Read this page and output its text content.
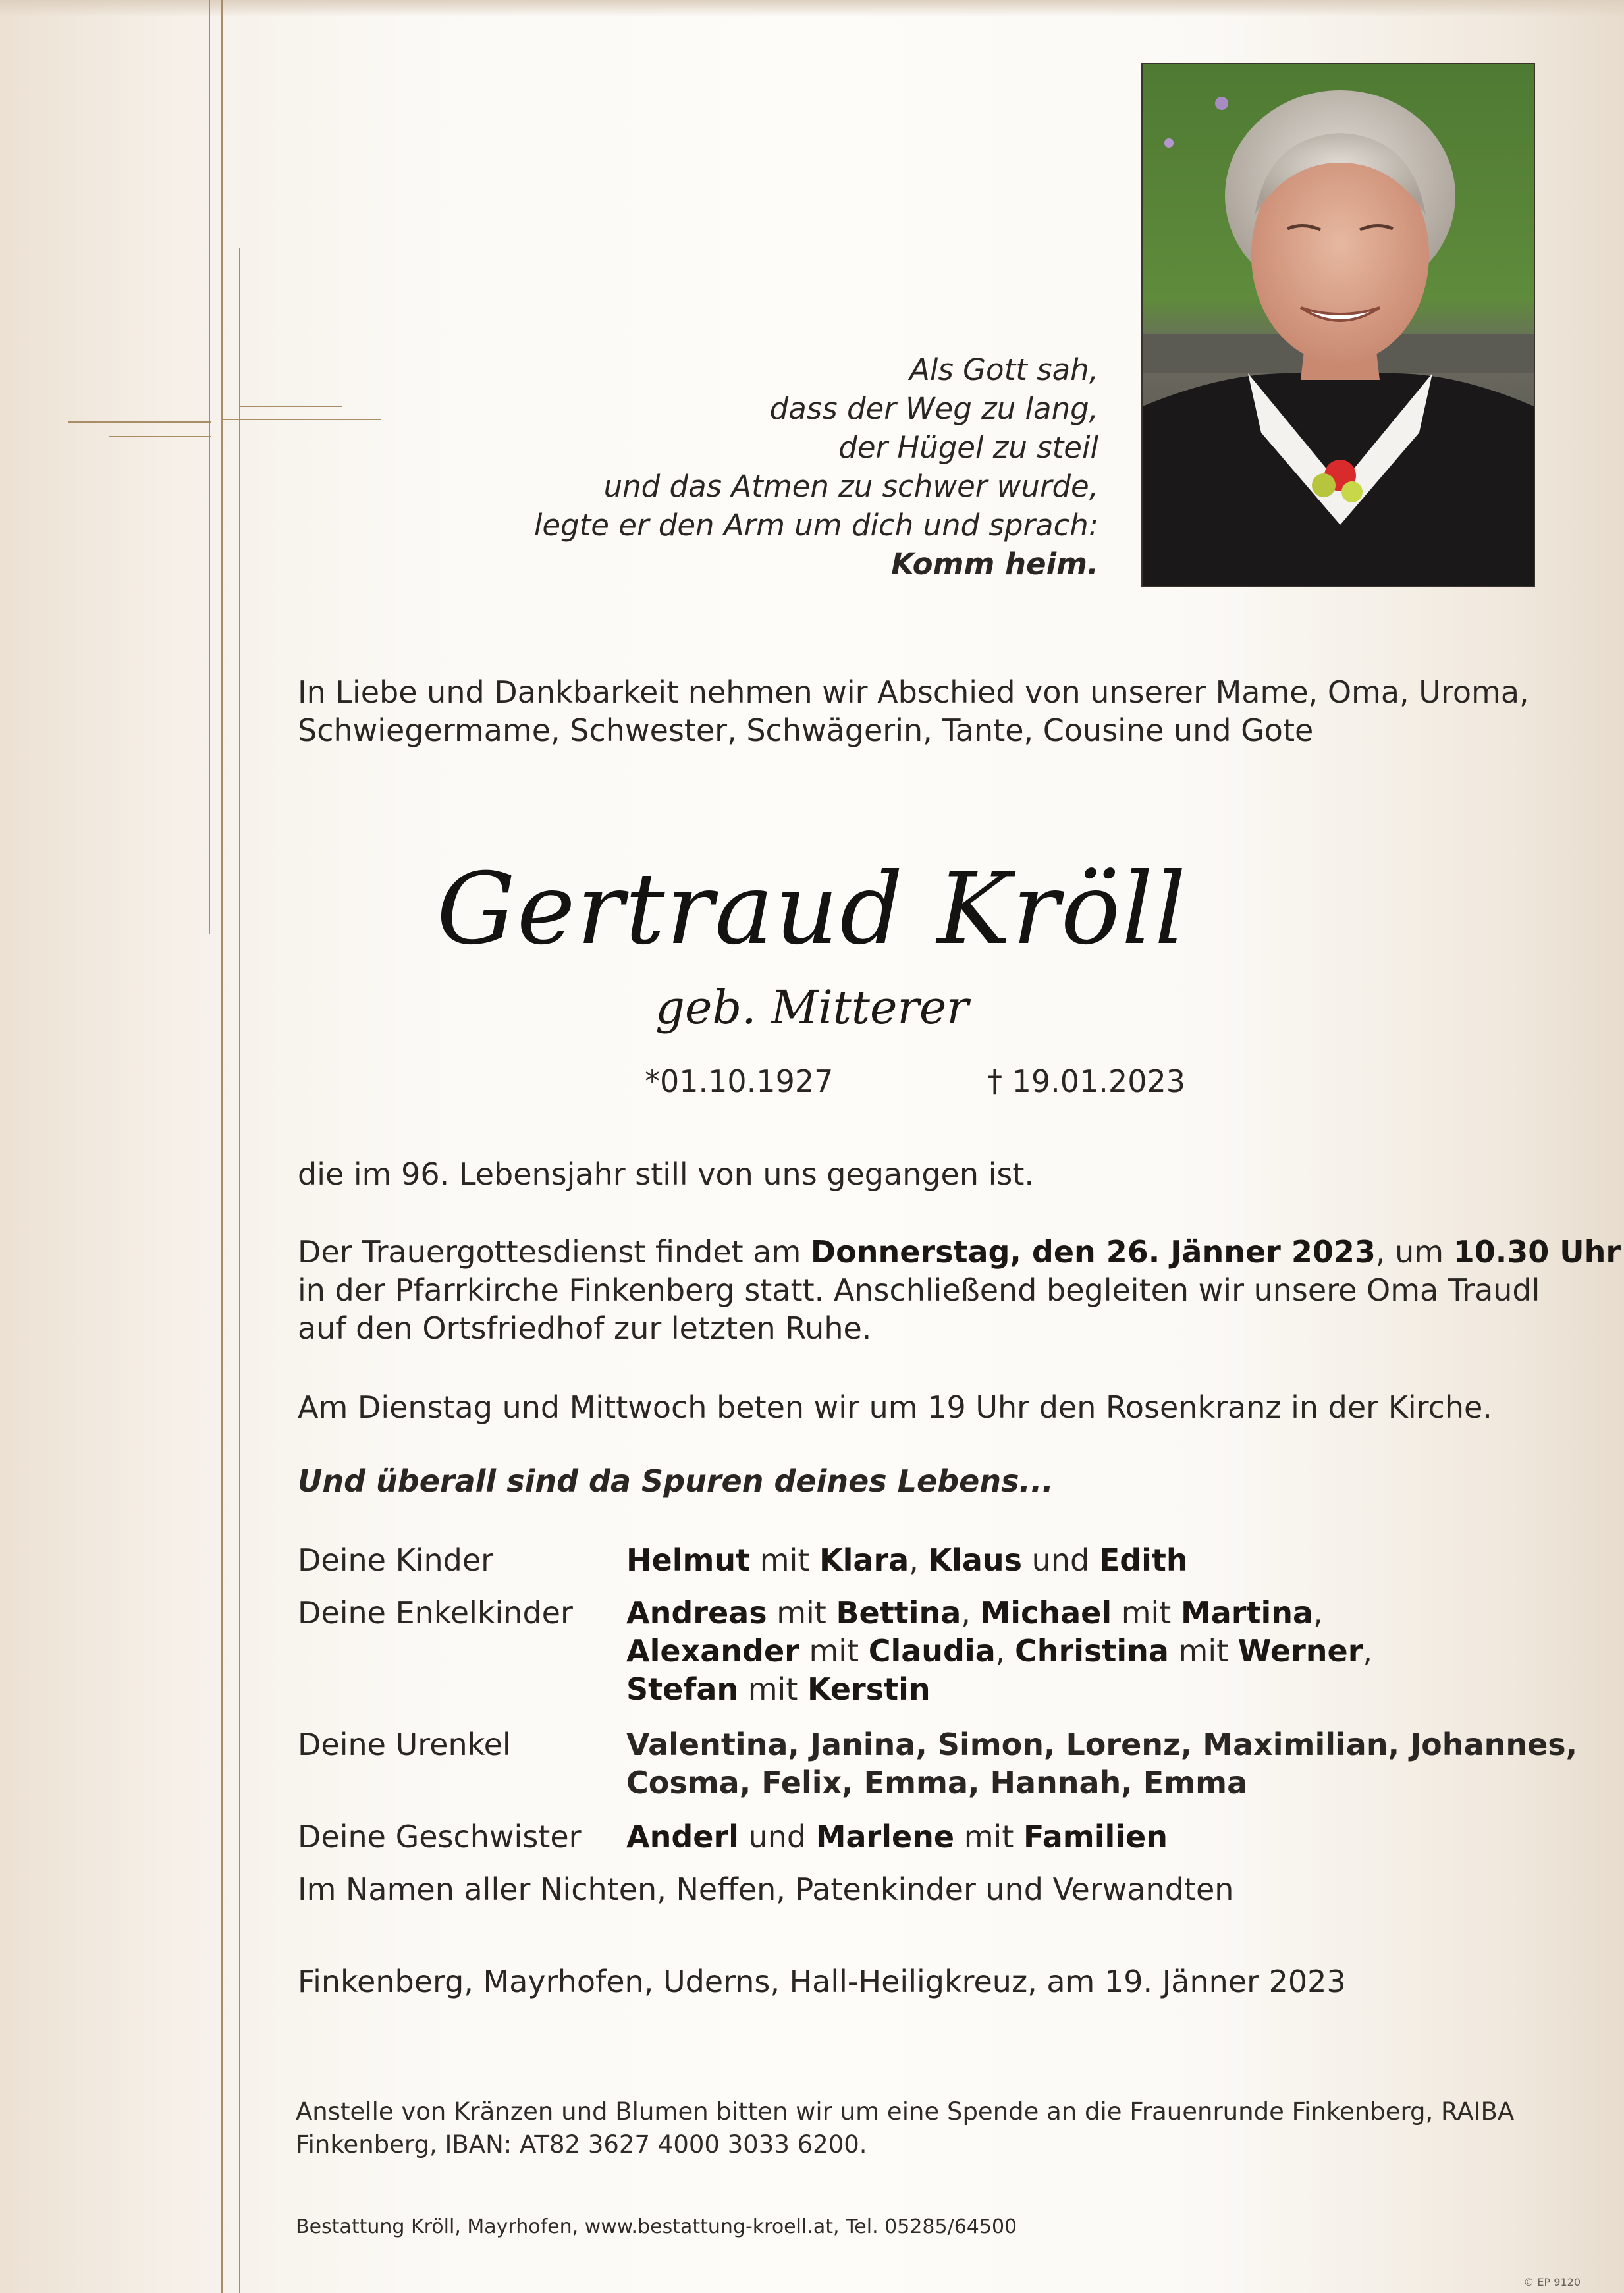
Als Gott sah,
dass der Weg zu lang,
der Hügel zu steil
und das Atmen zu schwer wurde,
legte er den Arm um dich und sprach:
Komm heim.
In Liebe und Dankbarkeit nehmen wir Abschied von unserer Mame, Oma, Uroma,
Schwiegermame, Schwester, Schwägerin, Tante, Cousine und Gote
Gertraud Kröll
geb. Mitterer
*01.10.1927	† 19.01.2023
die im 96. Lebensjahr still von uns gegangen ist.
Der Trauergottesdienst findet am Donnerstag, den 26. Jänner 2023, um 10.30 Uhr
in der Pfarrkirche Finkenberg statt. Anschließend begleiten wir unsere Oma Traudl
auf den Ortsfriedhof zur letzten Ruhe.
Am Dienstag und Mittwoch beten wir um 19 Uhr den Rosenkranz in der Kirche.
Und überall sind da Spuren deines Lebens...
Deine Kinder	Helmut mit Klara, Klaus und Edith
Deine Enkelkinder Andreas mit Bettina, Michael mit Martina,
Alexander mit Claudia, Christina mit Werner,
Stefan mit Kerstin
Deine Urenkel	Valentina, Janina, Simon, Lorenz, Maximilian, Johannes,
Cosma, Felix, Emma, Hannah, Emma
Deine Geschwister Anderl und Marlene mit Familien
Im Namen aller Nichten, Neffen, Patenkinder und Verwandten
Finkenberg, Mayrhofen, Uderns, Hall-Heiligkreuz, am 19. Jänner 2023
Anstelle von Kränzen und Blumen bitten wir um eine Spende an die Frauenrunde Finkenberg, RAIBA
Finkenberg, IBAN: AT82 3627 4000 3033 6200.
Bestattung Kröll, Mayrhofen, www.bestattung-kroell.at, Tel. 05285/64500
© EP 9120
